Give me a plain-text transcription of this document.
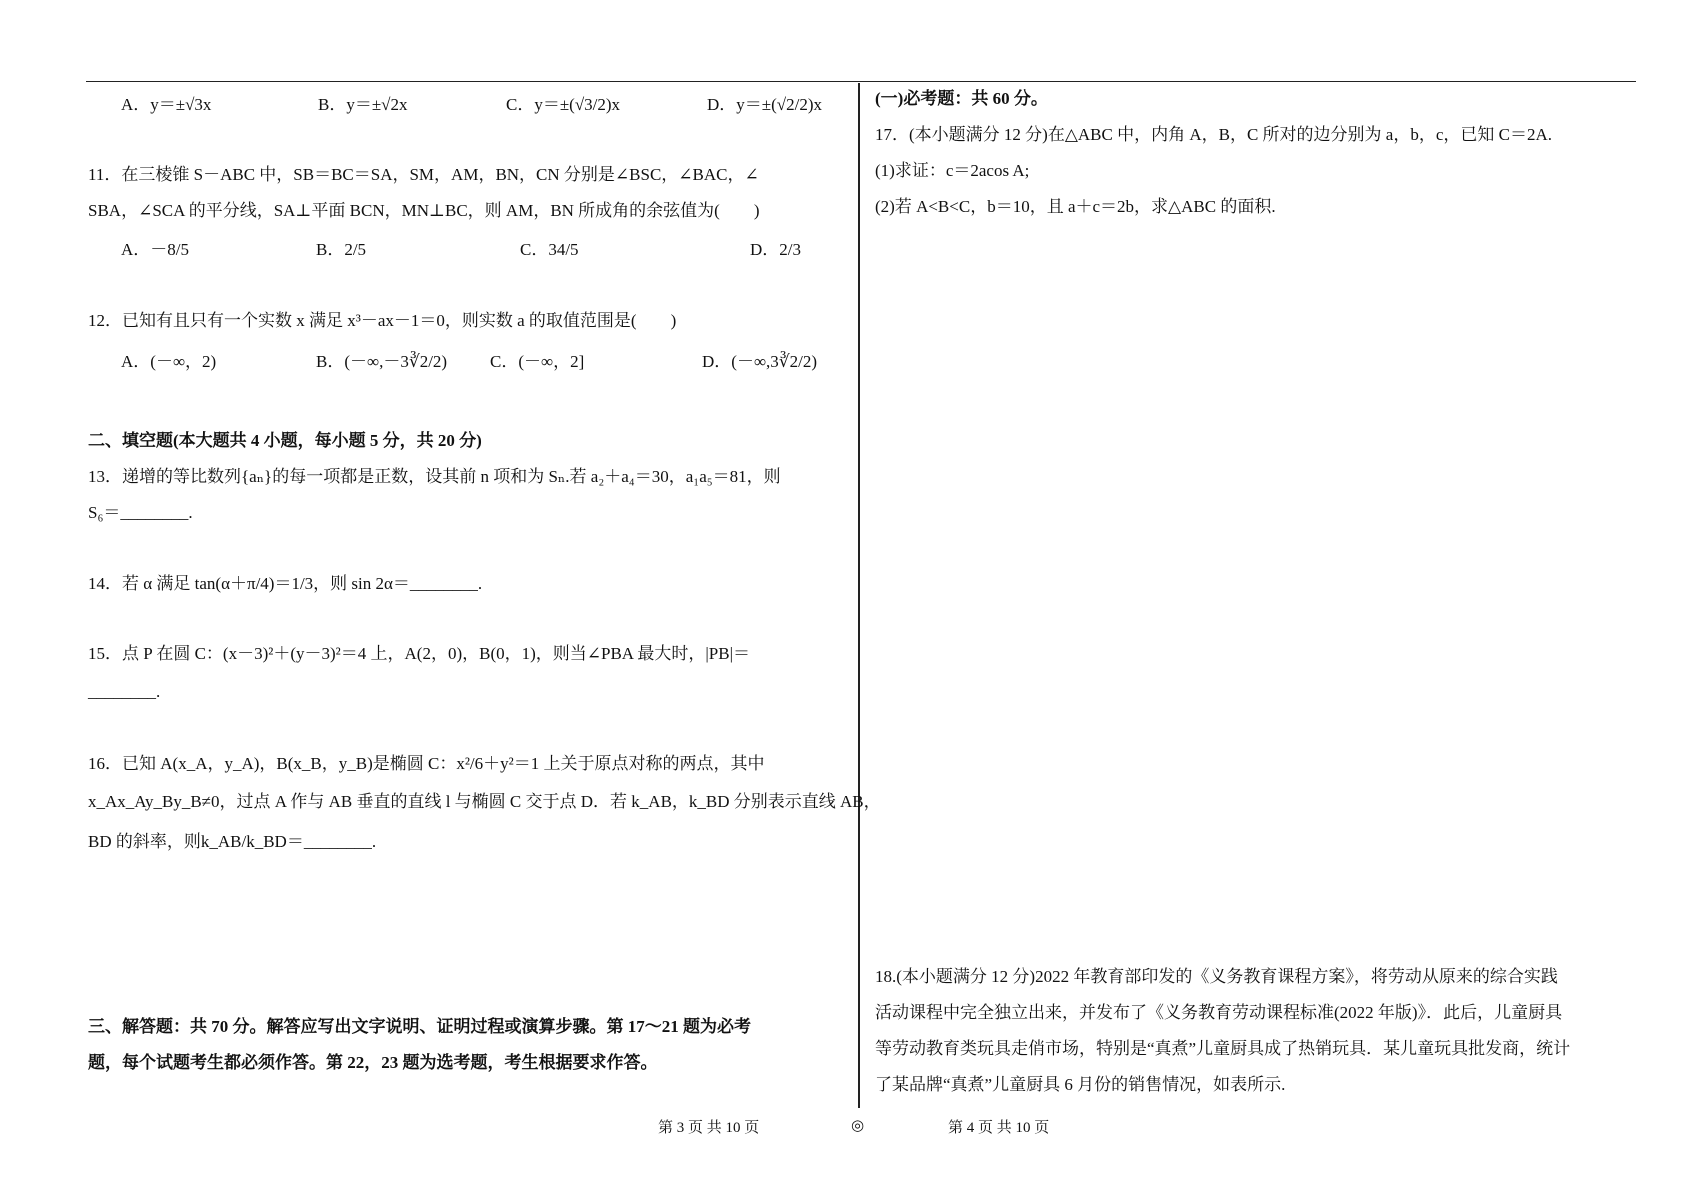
A．y＝±√3x	B．y＝±√2x	C．y＝±(√3/2)x	D．y＝±(√2/2)x
11．在三棱锥 S－ABC 中，SB＝BC＝SA，SM，AM，BN，CN 分别是∠BSC，∠BAC，∠
SBA，∠SCA 的平分线，SA⊥平面 BCN，MN⊥BC，则 AM，BN 所成角的余弦值为(　　)
A．－8/5	B．2/5	C．34/5	D．2/3
12．已知有且只有一个实数 x 满足 x³－ax－1＝0，则实数 a 的取值范围是(　　)
A．(－∞，2)	B．(－∞,－3∛2/2)	C．(－∞，2]	D．(－∞,3∛2/2)
二、填空题(本大题共 4 小题，每小题 5 分，共 20 分)
13．递增的等比数列{aₙ}的每一项都是正数，设其前 n 项和为 Sₙ.若 a₂＋a₄＝30，a₁a₅＝81，则
S₆＝________.
14．若 α 满足 tan(α＋π/4)＝1/3，则 sin 2α＝________.
15．点 P 在圆 C：(x－3)²＋(y－3)²＝4 上，A(2，0)，B(0，1)，则当∠PBA 最大时，|PB|＝
________.
16．已知 A(x_A，y_A)，B(x_B，y_B)是椭圆 C：x²/6＋y²＝1 上关于原点对称的两点，其中
x_Ax_Ay_By_B≠0，过点 A 作与 AB 垂直的直线 l 与椭圆 C 交于点 D．若 k_AB，k_BD 分别表示直线 AB，
BD 的斜率，则k_AB/k_BD＝________.
三、解答题：共 70 分。解答应写出文字说明、证明过程或演算步骤。第 17～21 题为必考
题，每个试题考生都必须作答。第 22，23 题为选考题，考生根据要求作答。
(一)必考题：共 60 分。
17．(本小题满分 12 分)在△ABC 中，内角 A，B，C 所对的边分别为 a，b，c，已知 C＝2A.
(1)求证：c＝2acos A;
(2)若 A<B<C，b＝10，且 a＋c＝2b，求△ABC 的面积.
18.(本小题满分 12 分)2022 年教育部印发的《义务教育课程方案》，将劳动从原来的综合实践
活动课程中完全独立出来，并发布了《义务教育劳动课程标准(2022 年版)》．此后，儿童厨具
等劳动教育类玩具走俏市场，特别是“真煮”儿童厨具成了热销玩具．某儿童玩具批发商，统计
了某品牌“真煮”儿童厨具 6 月份的销售情况，如表所示.
第 3 页 共 10 页	◎	第 4 页 共 10 页
